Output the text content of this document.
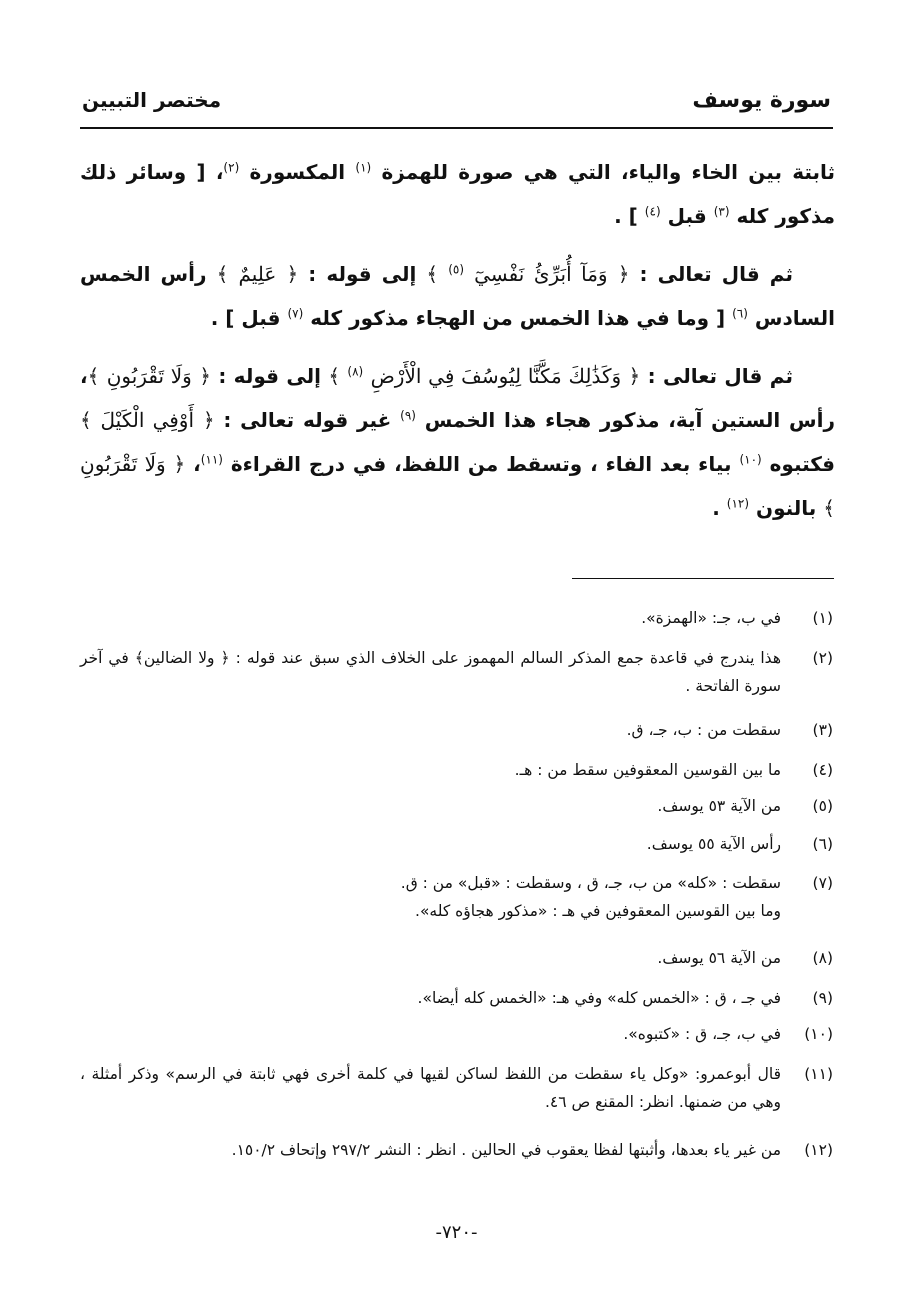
سورة يوسف
مختصر التبيين

ثابتة بين الخاء والياء، التي هي صورة للهمزة $^{(١)}$ المكسورة $^{(٢)}$، [ وسائر ذلك مذكور كله $^{(٣)}$ قبل $^{(٤)}$ ] .

ثم قال تعالى : ﴿ وَمَآ أُبَرِّئُ نَفْسِيٓ $^{(٥)}$ ﴾ إلى قوله : ﴿ عَلِيمٌ ﴾ رأس الخمس السادس $^{(٦)}$ [ وما في هذا الخمس من الهجاء مذكور كله $^{(٧)}$ قبل ] .

ثم قال تعالى : ﴿ وَكَذَٰلِكَ مَكَّنَّا لِيُوسُفَ فِي الْأَرْضِ $^{(٨)}$ ﴾ إلى قوله : ﴿ وَلَا تَقْرَبُونِ ﴾، رأس الستين آية، مذكور هجاء هذا الخمس $^{(٩)}$ غير قوله تعالى : ﴿ أَوْفِي الْكَيْلَ ﴾ فكتبوه $^{(١٠)}$ بياء بعد الفاء ، وتسقط من اللفظ، في درج القراءة $^{(١١)}$، ﴿ وَلَا تَقْرَبُونِ ﴾ بالنون $^{(١٢)}$ .

(١)
في ب، جـ: «الهمزة».
(٢)
هذا يندرج في قاعدة جمع المذكر السالم المهموز على الخلاف الذي سبق عند قوله : ﴿ ولا الضالين﴾ في آخر سورة الفاتحة .
(٣)
سقطت من : ب، جـ، ق.
(٤)
ما بين القوسين المعقوفين سقط من : هـ.
(٥)
من الآية ٥٣ يوسف.
(٦)
رأس الآية ٥٥ يوسف.
(٧)
سقطت : «كله» من ب، جـ، ق ، وسقطت : «قبل» من : ق.
وما بين القوسين المعقوفين في هـ : «مذكور هجاؤه كله».
(٨)
من الآية ٥٦ يوسف.
(٩)
في جـ ، ق : «الخمس كله» وفي هـ: «الخمس كله أيضا».
(١٠)
في ب، جـ، ق : «كتبوه».
(١١)
قال أبوعمرو: «وكل ياء سقطت من اللفظ لساكن لقيها في كلمة أخرى فهي ثابتة في الرسم» وذكر أمثلة ، وهي من ضمنها. انظر: المقنع ص ٤٦.
(١٢)
من غير ياء بعدها، وأثبتها لفظا يعقوب في الحالين . انظر : النشر ٢٩٧/٢ وإتحاف ١٥٠/٢.
-٧٢٠-
